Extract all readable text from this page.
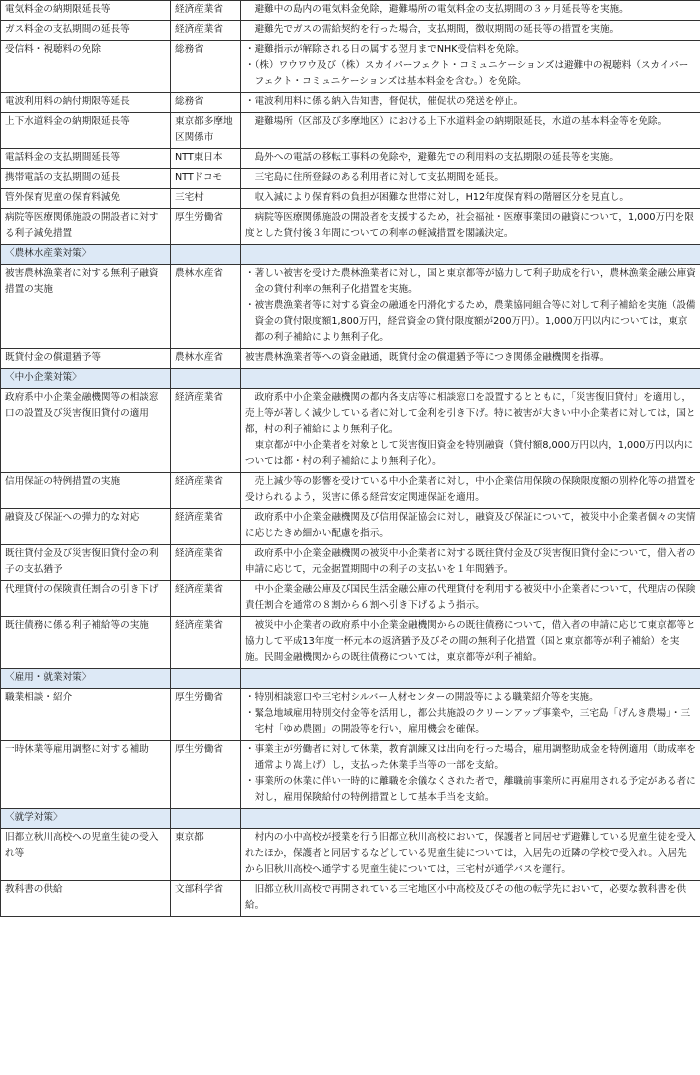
電気料金の納期限延長等	経済産業省	避難中の島内の電気料金免除，避難場所の電気料金の支払期間の３ヶ月延長等を実施。

ガス料金の支払期間の延長等	経済産業省	避難先でガスの需給契約を行った場合，支払期間，徴収期間の延長等の措置を実施。

受信料・視聴料の免除	総務省	・避難指示が解除される日の属する翌月までNHK受信料を免除。
・（株）ワウワウ及び（株）スカイパーフェクト・コミュニケーションズは避難中の視聴料（スカイパーフェクト・コミュニケーションズは基本料金を含む。）を免除。

電波利用料の納付期限等延長	総務省	・電波利用料に係る納入告知書，督促状，催促状の発送を停止。

上下水道料金の納期限延長等	東京都多摩地区関係市	避難場所（区部及び多摩地区）における上下水道料金の納期限延長，水道の基本料金等を免除。

電話料金の支払期間延長等	NTT東日本	島外への電話の移転工事料の免除や，避難先での利用料の支払期限の延長等を実施。

携帯電話の支払期間の延長	NTTドコモ	三宅島に住所登録のある利用者に対して支払期間を延長。

管外保育児童の保育料減免	三宅村	収入減により保育料の負担が困難な世帯に対し，H12年度保育料の階層区分を見直し。

病院等医療関係施設の開設者に対する利子減免措置	厚生労働省	病院等医療関係施設の開設者を支援するため，社会福祉・医療事業団の融資について，1,000万円を限度とした貸付後３年間についての利率の軽減措置を閣議決定。

〈農林水産業対策〉		
被害農林漁業者に対する無利子融資措置の実施	農林水産省	・著しい被害を受けた農林漁業者に対し，国と東京都等が協力して利子助成を行い，農林漁業金融公庫資金の貸付利率の無利子化措置を実施。
・被害農漁業者等に対する資金の融通を円滑化するため，農業協同組合等に対して利子補給を実施（設備資金の貸付限度額1,800万円，経営資金の貸付限度額が200万円）。1,000万円以内については，東京都の利子補給により無利子化。

既貸付金の償還猶予等	農林水産省	被害農林漁業者等への資金融通，既貸付金の償還猶予等につき関係金融機関を指導。

〈中小企業対策〉		
政府系中小企業金融機関等の相談窓口の設置及び災害復旧貸付の適用	経済産業省	政府系中小企業金融機関の都内各支店等に相談窓口を設置するとともに，「災害復旧貸付」を適用し，売上等が著しく減少している者に対して金利を引き下げ。特に被害が大きい中小企業者に対しては，国と都，村の利子補給により無利子化。
東京都が中小企業者を対象として災害復旧資金を特別融資（貸付額8,000万円以内，1,000万円以内については都・村の利子補給により無利子化）。

信用保証の特例措置の実施	経済産業省	売上減少等の影響を受けている中小企業者に対し，中小企業信用保険の保険限度額の別枠化等の措置を受けられるよう，災害に係る経営安定関連保証を適用。

融資及び保証への弾力的な対応	経済産業省	政府系中小企業金融機関及び信用保証協会に対し，融資及び保証について，被災中小企業者個々の実情に応じたきめ細かい配慮を指示。

既往貸付金及び災害復旧貸付金の利子の支払猶予	経済産業省	政府系中小企業金融機関の被災中小企業者に対する既往貸付金及び災害復旧貸付金について，借入者の申請に応じて，元金据置期間中の利子の支払いを１年間猶予。

代理貸付の保険責任割合の引き下げ	経済産業省	中小企業金融公庫及び国民生活金融公庫の代理貸付を利用する被災中小企業者について，代理店の保険責任割合を通常の８割から６割へ引き下げるよう指示。

既往債務に係る利子補給等の実施	経済産業省	被災中小企業者の政府系中小企業金融機関からの既往債務について，借入者の申請に応じて東京都等と協力して平成13年度一杯元本の返済猶予及びその間の無利子化措置（国と東京都等が利子補給）を実施。民間金融機関からの既往債務については，東京都等が利子補給。

〈雇用・就業対策〉		
職業相談・紹介	厚生労働省	・特別相談窓口や三宅村シルバー人材センターの開設等による職業紹介等を実施。
・緊急地域雇用特別交付金等を活用し，都公共施設のクリーンアップ事業や，三宅島「げんき農場」・三宅村「ゆめ農園」の開設等を行い，雇用機会を確保。

一時休業等雇用調整に対する補助	厚生労働省	・事業主が労働者に対して休業，教育訓練又は出向を行った場合，雇用調整助成金を特例適用（助成率を通常より嵩上げ）し，支払った休業手当等の一部を支給。
・事業所の休業に伴い一時的に離職を余儀なくされた者で，離職前事業所に再雇用される予定がある者に対し，雇用保険給付の特例措置として基本手当を支給。

〈就学対策〉		
旧都立秋川高校への児童生徒の受入れ等	東京都	村内の小中高校が授業を行う旧都立秋川高校において，保護者と同居せず避難している児童生徒を受入れたほか，保護者と同居するなどしている児童生徒については，入居先の近隣の学校で受入れ。入居先から旧秋川高校へ通学する児童生徒については，三宅村が通学バスを運行。

教科書の供給	文部科学省	旧都立秋川高校で再開されている三宅地区小中高校及びその他の転学先において，必要な教科書を供給。
